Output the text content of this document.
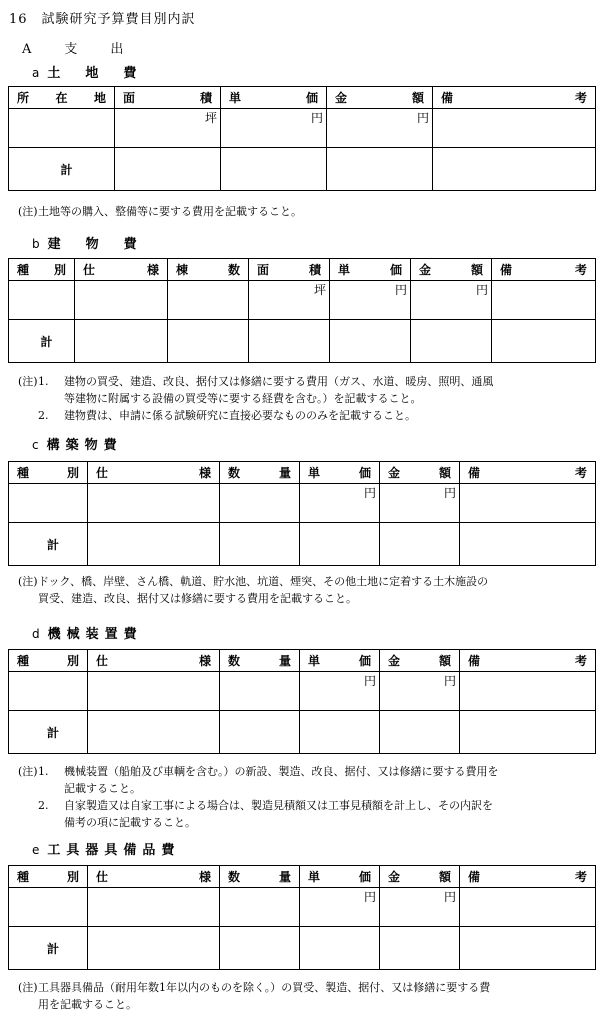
16　試験研究予算費目別内訳
A　支　出
a 土　地　費
所 在 地	面 積	単 価	金 額	備 考

	坪	円	円	

計				

(注)土地等の購入、整備等に要する費用を記載すること。
b 建　物　費
種 別	仕 様	棟 数	面 積	単 価	金 額	備 考

			坪	円	円	

計						

(注)1. 建物の買受、建造、改良、据付又は修繕に要する費用（ガス、水道、暖房、照明、通風
等建物に附属する設備の買受等に要する経費を含む。）を記載すること。
2. 建物費は、申請に係る試験研究に直接必要なもののみを記載すること。
c 構築物費
種 別	仕 様	数 量	単 価	金 額	備 考

			円	円	

計					

(注)ドック、橋、岸壁、さん橋、軌道、貯水池、坑道、煙突、その他土地に定着する土木施設の
買受、建造、改良、据付又は修繕に要する費用を記載すること。
d 機械装置費
種 別	仕 様	数 量	単 価	金 額	備 考

			円	円	

計					

(注)1. 機械装置（船舶及び車輌を含む。）の新設、製造、改良、据付、又は修繕に要する費用を
記載すること。
2. 自家製造又は自家工事による場合は、製造見積額又は工事見積額を計上し、その内訳を
備考の項に記載すること。
e 工具器具備品費
種 別	仕 様	数 量	単 価	金 額	備 考

			円	円	

計					

(注)工具器具備品（耐用年数1年以内のものを除く。）の買受、製造、据付、又は修繕に要する費
用を記載すること。
